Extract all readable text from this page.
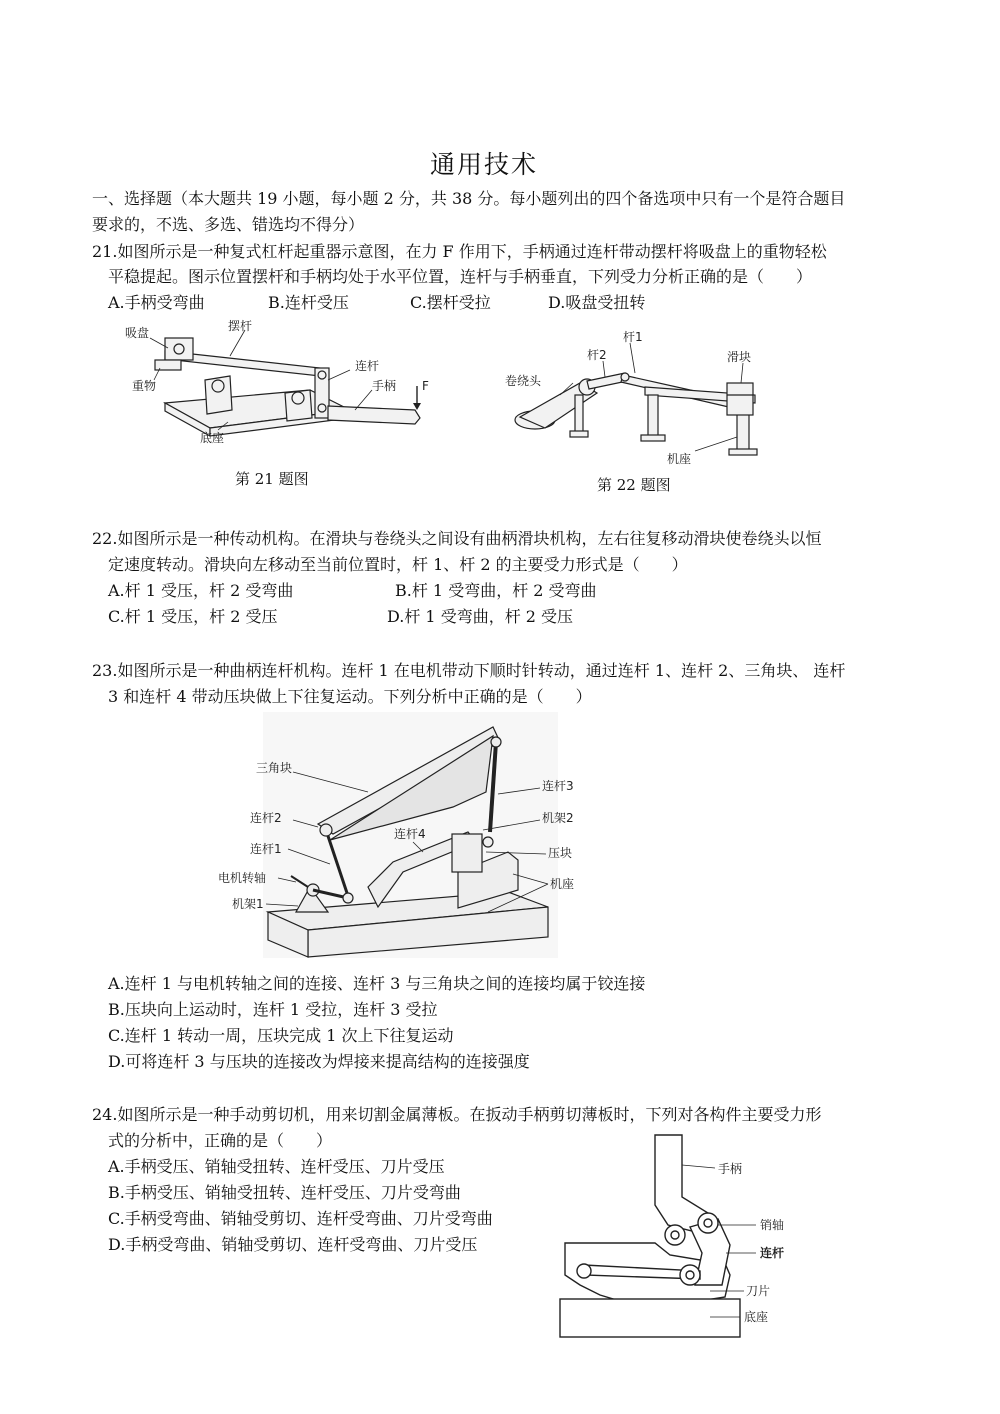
通用技术
一、选择题（本大题共 19 小题，每小题 2 分，共 38 分。每小题列出的四个备选项中只有一个是符合题目
要求的，不选、多选、错选均不得分）
21.如图所示是一种复式杠杆起重器示意图，在力 F 作用下，手柄通过连杆带动摆杆将吸盘上的重物轻松
平稳提起。图示位置摆杆和手柄均处于水平位置，连杆与手柄垂直，下列受力分析正确的是（　　）
A.手柄受弯曲	B.连杆受压	C.摆杆受拉	D.吸盘受扭转
吸盘	摆杆
重物
连杆
手柄 F
底座
第 21 题图
杆1
杆2	滑块
卷绕头
机座
第 22 题图
22.如图所示是一种传动机构。在滑块与卷绕头之间设有曲柄滑块机构，左右往复移动滑块使卷绕头以恒
定速度转动。滑块向左移动至当前位置时，杆 1、杆 2 的主要受力形式是（　　）
A.杆 1 受压，杆 2 受弯曲	B.杆 1 受弯曲，杆 2 受弯曲
C.杆 1 受压，杆 2 受压	D.杆 1 受弯曲，杆 2 受压
23.如图所示是一种曲柄连杆机构。连杆 1 在电机带动下顺时针转动，通过连杆 1、连杆 2、三角块、 连杆
3 和连杆 4 带动压块做上下往复运动。下列分析中正确的是（　　）
三角块
连杆2
连杆1
电机转轴
机架1
连杆4
连杆3
机架2
压块
机座
A.连杆 1 与电机转轴之间的连接、连杆 3 与三角块之间的连接均属于铰连接
B.压块向上运动时，连杆 1 受拉，连杆 3 受拉
C.连杆 1 转动一周，压块完成 1 次上下往复运动
D.可将连杆 3 与压块的连接改为焊接来提高结构的连接强度
24.如图所示是一种手动剪切机，用来切割金属薄板。在扳动手柄剪切薄板时，下列对各构件主要受力形
式的分析中，正确的是（　　）
A.手柄受压、销轴受扭转、连杆受压、刀片受压
B.手柄受压、销轴受扭转、连杆受压、刀片受弯曲
C.手柄受弯曲、销轴受剪切、连杆受弯曲、刀片受弯曲
D.手柄受弯曲、销轴受剪切、连杆受弯曲、刀片受压
手柄
销轴
连杆
刀片
底座
